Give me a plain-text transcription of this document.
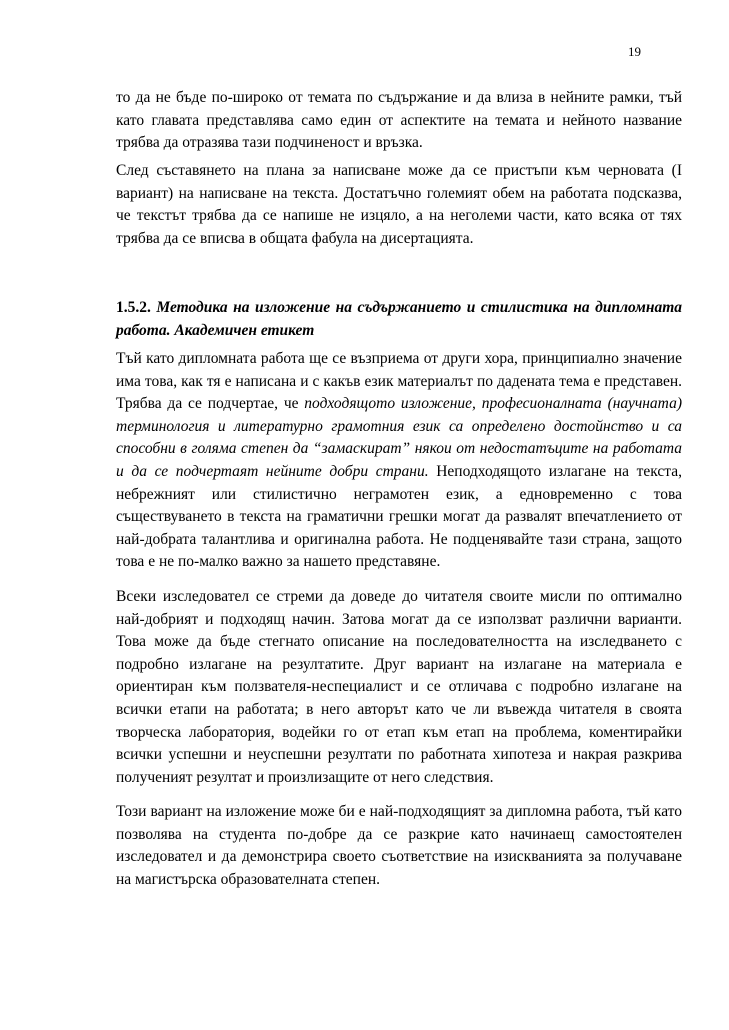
19

то да не бъде по-широко от темата по съдържание и да влиза в нейните рамки, тъй като главата представлява само един от аспектите на темата и нейното название трябва да отразява тази подчиненост и връзка.

След съставянето на плана за написване може да се пристъпи към черновата (I вариант) на написване на текста. Достатъчно големият обем на работата подсказва, че текстът трябва да се напише не изцяло, а на неголеми части, като всяка от тях трябва да се вписва в общата фабула на дисертацията.

1.5.2. Методика на изложение на съдържанието и стилистика на дипломната работа. Академичен етикет

Тъй като дипломната работа ще се възприема от други хора, принципиално значение има това, как тя е написана и с какъв език материалът по дадената тема е представен. Трябва да се подчертае, че подходящото изложение, професионалната (научната) терминология и литературно грамотния език са определено достойнство и са способни в голяма степен да “замаскират” някои от недостатъците на работата и да се подчертаят нейните добри страни. Неподходящото излагане на текста, небрежният или стилистично неграмотен език, а едновременно с това съществуването в текста на граматични грешки могат да развалят впечатлението от най-добрата талантлива и оригинална работа. Не подценявайте тази страна, защото това е не по-малко важно за нашето представяне.

Всеки изследовател се стреми да доведе до читателя своите мисли по оптимално най-добрият и подходящ начин. Затова могат да се използват различни варианти. Това може да бъде стегнато описание на последователността на изследването с подробно излагане на резултатите. Друг вариант на излагане на материала е ориентиран към ползвателя-неспециалист и се отличава с подробно излагане на всички етапи на работата; в него авторът като че ли въвежда читателя в своята творческа лаборатория, водейки го от етап към етап на проблема, коментирайки всички успешни и неуспешни резултати по работната хипотеза и накрая разкрива полученият резултат и произлизащите от него следствия.

Този вариант на изложение може би е най-подходящият за дипломна работа, тъй като позволява на студента по-добре да се разкрие като начинаещ самостоятелен изследовател и да демонстрира своето съответствие на изискванията за получаване на магистърска образователната степен.
